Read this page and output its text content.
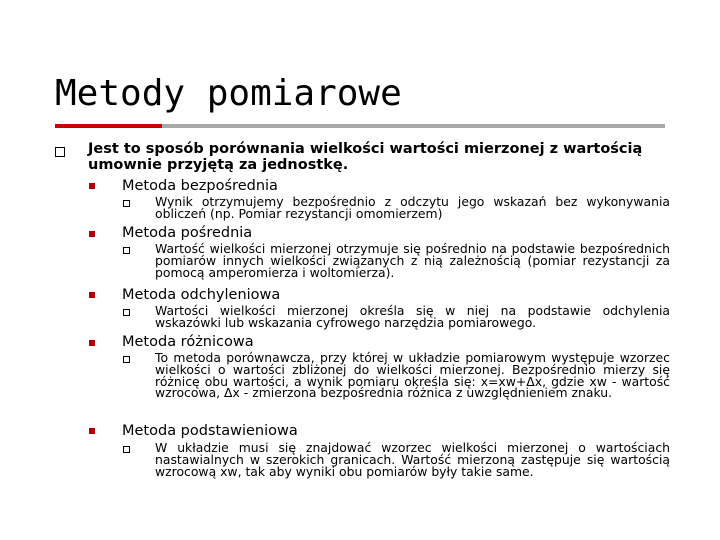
Metody pomiarowe
Jest to sposób porównania wielkości wartości mierzonej z wartością umownie przyjętą za jednostkę.
Metoda bezpośrednia
Wynik otrzymujemy bezpośrednio z odczytu jego wskazań bez wykonywania obliczeń (np. Pomiar rezystancji omomierzem)
Metoda pośrednia
Wartość wielkości mierzonej otrzymuje się pośrednio na podstawie bezpośrednich pomiarów innych wielkości związanych z nią zależnością (pomiar rezystancji za pomocą amperomierza i woltomierza).
Metoda odchyleniowa
Wartości wielkości mierzonej określa się w niej na podstawie odchylenia wskazówki lub wskazania cyfrowego narzędzia pomiarowego.
Metoda różnicowa
To metoda porównawcza, przy której w układzie pomiarowym występuje wzorzec wielkości o wartości zbliżonej do wielkości mierzonej. Bezpośrednio mierzy się różnicę obu wartości, a wynik pomiaru określa się: x=xw+Δx, gdzie xw - wartość wzrocowa, Δx - zmierzona bezpośrednia różnica z uwzględnieniem znaku.
Metoda podstawieniowa
W układzie musi się znajdować wzorzec wielkości mierzonej o wartościach nastawialnych w szerokich granicach. Wartość mierzoną zastępuje się wartością wzrocową xw, tak aby wyniki obu pomiarów były takie same.
